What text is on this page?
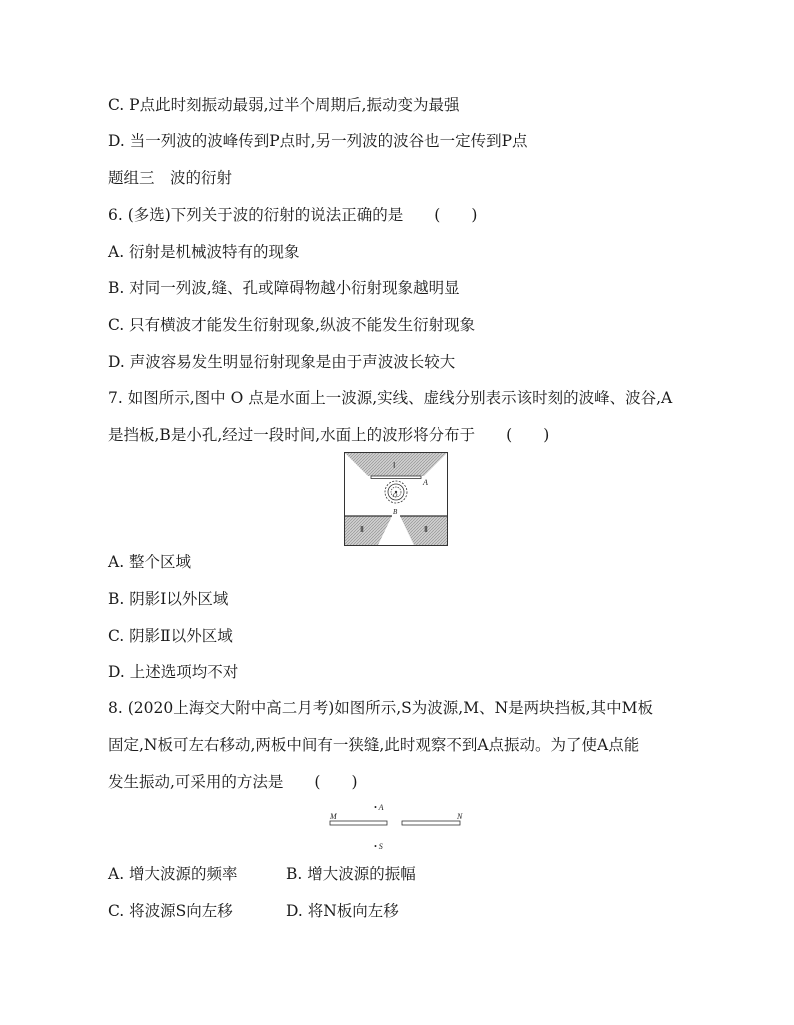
C. P点此时刻振动最弱,过半个周期后,振动变为最强
D. 当一列波的波峰传到P点时,另一列波的波谷也一定传到P点
题组三　波的衍射
6. (多选)下列关于波的衍射的说法正确的是　　(　　)
A. 衍射是机械波特有的现象
B. 对同一列波,缝、孔或障碍物越小衍射现象越明显
C. 只有横波才能发生衍射现象,纵波不能发生衍射现象
D. 声波容易发生明显衍射现象是由于声波波长较大
7. 如图所示,图中 O 点是水面上一波源,实线、虚线分别表示该时刻的波峰、波谷,A
是挡板,B是小孔,经过一段时间,水面上的波形将分布于　　(　　)
Ⅰ
A
O
B
Ⅱ	Ⅱ
A. 整个区域
B. 阴影Ⅰ以外区域
C. 阴影Ⅱ以外区域
D. 上述选项均不对
8. (2020上海交大附中高二月考)如图所示,S为波源,M、N是两块挡板,其中M板
固定,N板可左右移动,两板中间有一狭缝,此时观察不到A点振动。为了使A点能
发生振动,可采用的方法是　　(　　)
M
• A
N
• S
A. 增大波源的频率	B. 增大波源的振幅
C. 将波源S向左移	D. 将N板向左移
